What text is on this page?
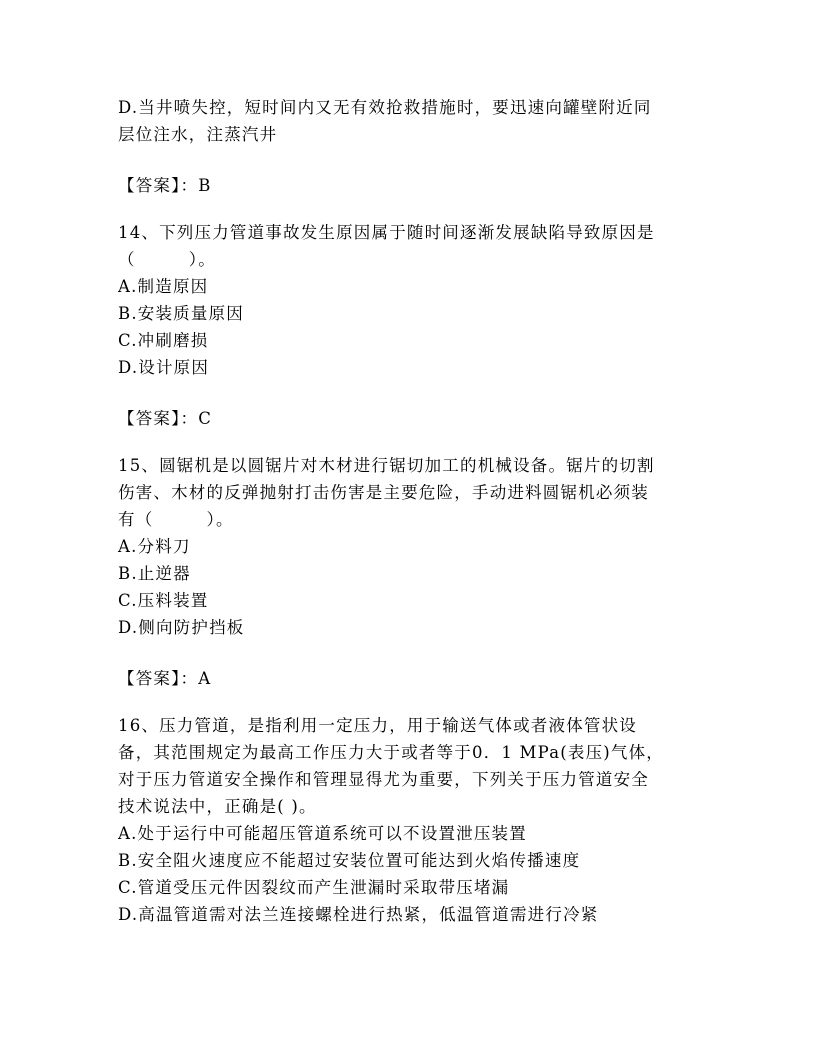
D.当井喷失控，短时间内又无有效抢救措施时，要迅速向罐壁附近同
层位注水，注蒸汽井
【答案】：B
14、下列压力管道事故发生原因属于随时间逐渐发展缺陷导致原因是
（　　　）。
A.制造原因
B.安装质量原因
C.冲刷磨损
D.设计原因
【答案】：C
15、圆锯机是以圆锯片对木材进行锯切加工的机械设备。锯片的切割
伤害、木材的反弹抛射打击伤害是主要危险，手动进料圆锯机必须装
有（　　　）。
A.分料刀
B.止逆器
C.压料装置
D.侧向防护挡板
【答案】：A
16、压力管道，是指利用一定压力，用于输送气体或者液体管状设
备，其范围规定为最高工作压力大于或者等于0．1 MPa(表压)气体，
对于压力管道安全操作和管理显得尤为重要，下列关于压力管道安全
技术说法中，正确是( )。
A.处于运行中可能超压管道系统可以不设置泄压装置
B.安全阻火速度应不能超过安装位置可能达到火焰传播速度
C.管道受压元件因裂纹而产生泄漏时采取带压堵漏
D.高温管道需对法兰连接螺栓进行热紧，低温管道需进行冷紧
